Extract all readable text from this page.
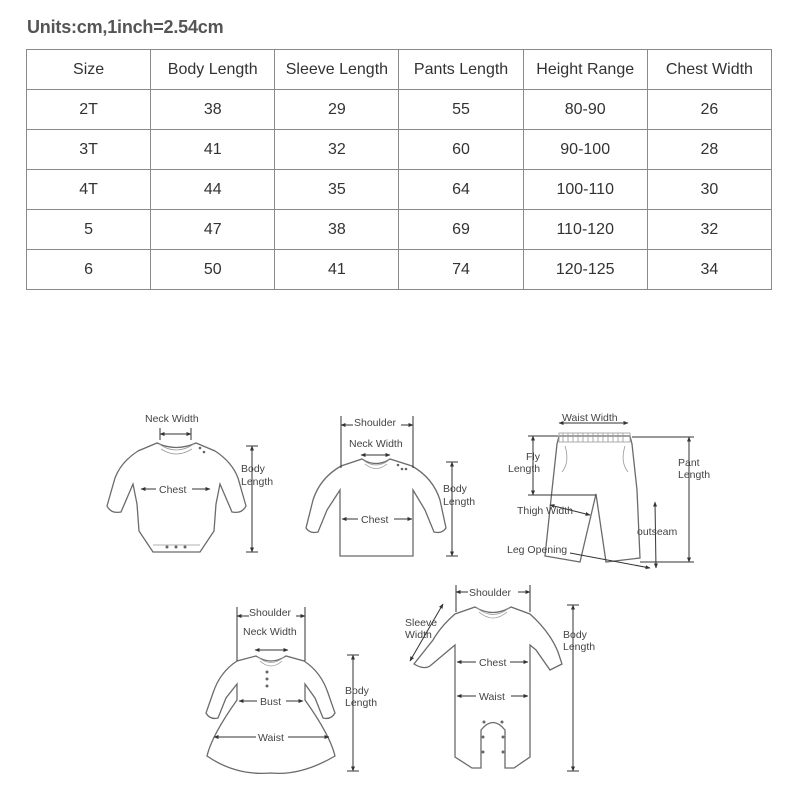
Units:cm,1inch=2.54cm
Size	Body Length	Sleeve Length	Pants Length	Height Range	Chest Width
2T	38	29	55	80-90	26
3T	41	32	60	90-100	28
4T	44	35	64	100-110	30
5	47	38	69	110-120	32
6	50	41	74	120-125	34
Neck Width
Chest
Body
Length
Shoulder
Neck Width
Chest
Body
Length
Waist Width
Fly
Length	Pant
Length
Thigh Width
outseam
Leg Opening
Shoulder
Neck Width
Bust
Waist
Body
Length
Shoulder
Sleeve
Width
Chest
Waist
Body
Length
